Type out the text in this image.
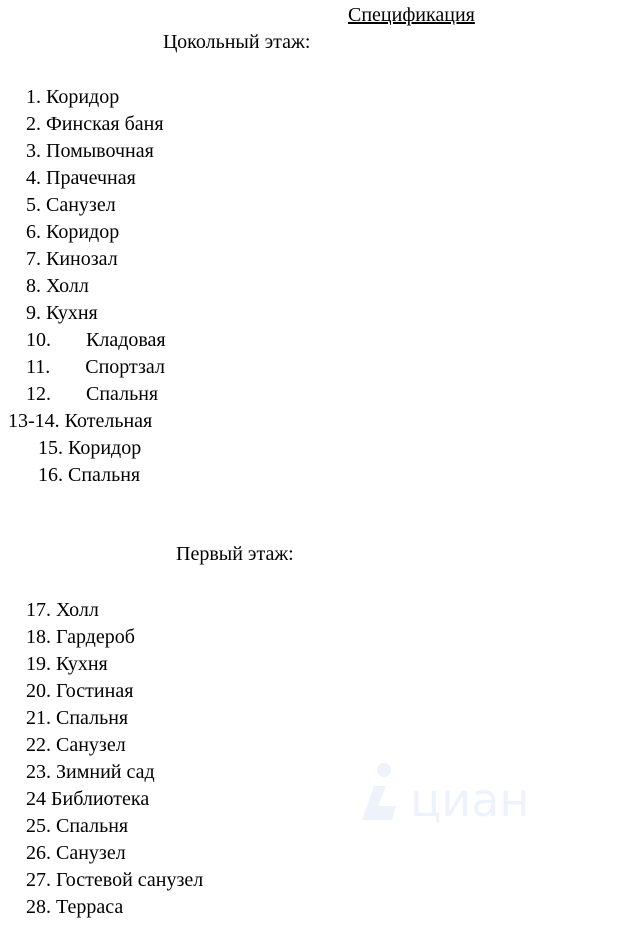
Спецификация
Цокольный этаж:
1. Коридор
2. Финская баня
3. Помывочная
4. Прачечная
5. Санузел
6. Коридор
7. Кинозал
8. Холл
9. Кухня
10. Кладовая
11. Спортзал
12. Спальня
13-14. Котельная
15. Коридор
16. Спальня
Первый этаж:
17. Холл
18. Гардероб
19. Кухня
20. Гостиная
21. Спальня
22. Санузел
23. Зимний сад
24 Библиотека
25. Спальня
26. Санузел
27. Гостевой санузел
28. Терраса
циан
